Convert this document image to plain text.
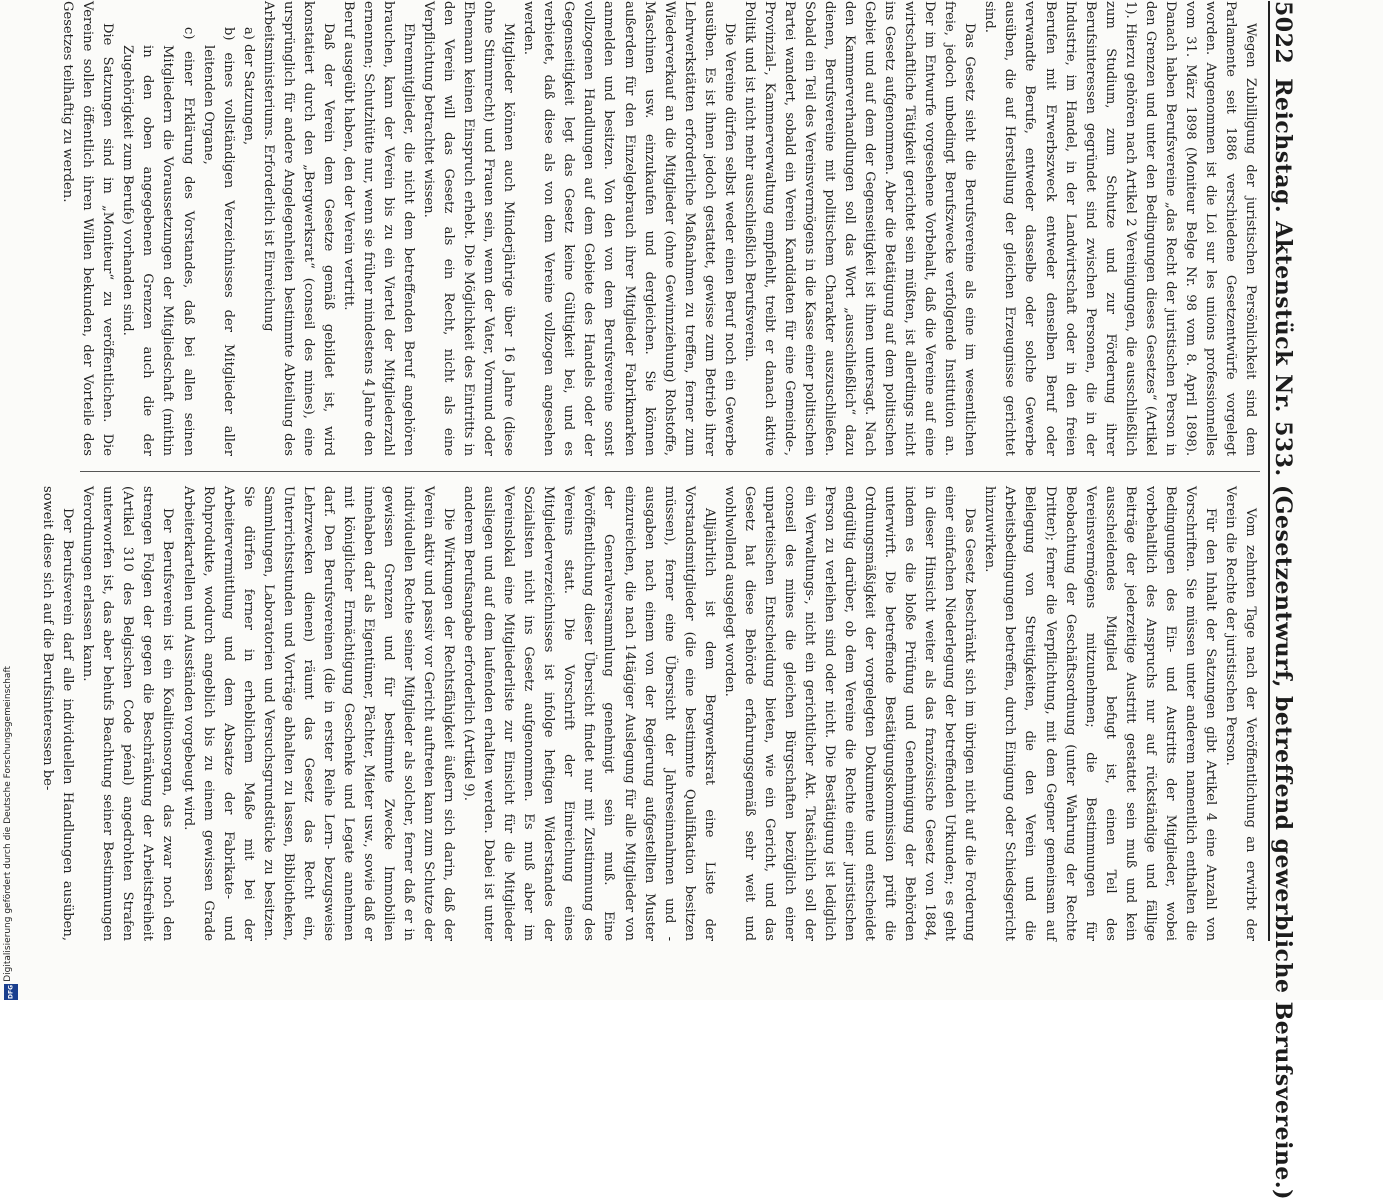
5022
Reichstag. Aktenstück Nr. 533. (Gesetzentwurf, betreffend gewerbliche Berufsvereine.)

Wegen Zubilligung der juristischen Persönlichkeit sind dem Parlamente seit 1886 verschiedene Gesetzentwürfe vorgelegt worden. Angenommen ist die Loi sur les unions professionnelles vom 31. März 1898 (Moniteur Belge Nr. 98 vom 8. April 1898). Danach haben Berufsvereine „das Recht der juristischen Person in den Grenzen und unter den Bedingungen dieses Gesetzes“ (Artikel 1). Hierzu gehören nach Artikel 2 Vereinigungen, die ausschließlich zum Studium, zum Schutze und zur Förderung ihrer Berufsinteressen gegründet sind zwischen Personen, die in der Industrie, im Handel, in der Landwirtschaft oder in den freien Berufen mit Erwerbszweck entweder denselben Beruf oder verwandte Berufe, entweder dasselbe oder solche Gewerbe ausüben, die auf Herstellung der gleichen Erzeugnisse gerichtet sind.

Das Gesetz sieht die Berufsvereine als eine im wesentlichen freie, jedoch unbedingt Berufszwecke verfolgende Institution an. Der im Entwurfe vorgesehene Vorbehalt, daß die Vereine auf eine wirtschaftliche Tätigkeit gerichtet sein müßten, ist allerdings nicht ins Gesetz aufgenommen. Aber die Betätigung auf dem politischen Gebiet und auf dem der Gegenseitigkeit ist ihnen untersagt. Nach den Kammerverhandlungen soll das Wort „ausschließlich“ dazu dienen, Berufsvereine mit politischem Charakter auszuschließen. Sobald ein Teil des Vereinsvermögens in die Kasse einer politischen Partei wandert, sobald ein Verein Kandidaten für eine Gemeinde-, Provinzial-, Kammerverwaltung empfiehlt, treibt er danach aktive Politik und ist nicht mehr ausschließlich Berufsverein.

Die Vereine dürfen selbst weder einen Beruf noch ein Gewerbe ausüben. Es ist ihnen jedoch gestattet, gewisse zum Betrieb ihrer Lehrwerkstätten erforderliche Maßnahmen zu treffen, ferner zum Wiederverkauf an die Mitglieder (ohne Gewinnziehung) Rohstoffe, Maschinen usw. einzukaufen und dergleichen. Sie können außerdem für den Einzelgebrauch ihrer Mitglieder Fabrikmarken anmelden und besitzen. Von den von dem Berufsvereine sonst vollzogenen Handlungen auf dem Gebiete des Handels oder der Gegenseitigkeit legt das Gesetz keine Gültigkeit bei, und es verbietet, daß diese als von dem Vereine vollzogen angesehen werden.

Mitglieder können auch Minderjährige über 16 Jahre (diese ohne Stimmrecht) und Frauen sein, wenn der Vater, Vormund oder Ehemann keinen Einspruch erhebt. Die Möglichkeit des Eintritts in den Verein will das Gesetz als ein Recht, nicht als eine Verpflichtung betrachtet wissen.

Ehrenmitglieder, die nicht dem betreffenden Beruf angehören brauchen, kann der Verein bis zu ein Viertel der Mitgliederzahl ernennen; Schutzhütte nur, wenn sie früher mindestens 4 Jahre den Beruf ausgeübt haben, den der Verein vertritt.

Daß der Verein dem Gesetze gemäß gebildet ist, wird konstatiert durch den „Bergwerksrat“ (conseil des mines), eine ursprünglich für andere Angelegenheiten bestimmte Abteilung des Arbeitsministeriums. Erforderlich ist Einreichung

a) der Satzungen,

b) eines vollständigen Verzeichnisses der Mitglieder aller leitenden Organe,

c) einer Erklärung des Vorstandes, daß bei allen seinen Mitgliedern die Voraussetzungen der Mitgliedschaft (mithin in den oben angegebenen Grenzen auch die der Zugehörigkeit zum Berufe) vorhanden sind.

Die Satzungen sind im „Moniteur“ zu veröffentlichen. Die Vereine sollen öffentlich ihren Willen bekunden, der Vorteile des Gesetzes teilhaftig zu werden.

Vom zehnten Tage nach der Veröffentlichung an erwirbt der Verein die Rechte der juristischen Person.

Für den Inhalt der Satzungen gibt Artikel 4 eine Anzahl von Vorschriften. Sie müssen unter anderem namentlich enthalten die Bedingungen des Ein- und Austritts der Mitglieder, wobei vorbehaltlich des Anspruchs nur auf rückständige und fällige Beiträge der jederzeitige Austritt gestattet sein muß und kein ausscheidendes Mitglied befugt ist, einen Teil des Vereinsvermögens mitzunehmen; die Bestimmungen für Beobachtung der Geschäftsordnung (unter Wahrung der Rechte Dritter); ferner die Verpflichtung, mit dem Gegner gemeinsam auf Beilegung von Streitigkeiten, die den Verein und die Arbeitsbedingungen betreffen, durch Einigung oder Schiedsgericht hinzuwirken.

Das Gesetz beschränkt sich im übrigen nicht auf die Forderung einer einfachen Niederlegung der betreffenden Urkunden; es geht in dieser Hinsicht weiter als das französische Gesetz von 1884, indem es die bloße Prüfung und Genehmigung der Behörden unterwirft. Die betreffende Bestätigungskommission prüft die Ordnungsmäßigkeit der vorgelegten Dokumente und entscheidet endgültig darüber, ob dem Vereine die Rechte einer juristischen Person zu verleihen sind oder nicht. Die Bestätigung ist lediglich ein Verwaltungs-, nicht ein gerichtlicher Akt. Tatsächlich soll der conseil des mines die gleichen Bürgschaften bezüglich einer unparteiischen Entscheidung bieten, wie ein Gericht, und das Gesetz hat diese Behörde erfahrungsgemäß sehr weit und wohlwollend ausgelegt worden.

Alljährlich ist dem Bergwerksrat eine Liste der Vorstandsmitglieder (die eine bestimmte Qualifikation besitzen müssen), ferner eine Übersicht der Jahreseinnahmen und -ausgaben nach einem von der Regierung aufgestellten Muster einzureichen, die nach 14tägiger Auslegung für alle Mitglieder von der Generalversammlung genehmigt sein muß. Eine Veröffentlichung dieser Übersicht findet nur mit Zustimmung des Vereins statt. Die Vorschrift der Einreichung eines Mitgliederverzeichnisses ist infolge heftigen Widerstandes der Sozialisten nicht ins Gesetz aufgenommen. Es muß aber im Vereinslokal eine Mitgliederliste zur Einsicht für die Mitglieder ausliegen und auf dem laufenden erhalten werden. Dabei ist unter anderem Berufsangabe erforderlich (Artikel 9).

Die Wirkungen der Rechtsfähigkeit äußern sich darin, daß der Verein aktiv und passiv vor Gericht auftreten kann zum Schutze der individuellen Rechte seiner Mitglieder als solcher, ferner daß er in gewissen Grenzen und für bestimmte Zwecke Immobilien innehaben darf als Eigentümer, Pächter, Mieter usw., sowie daß er mit königlicher Ermächtigung Geschenke und Legate annehmen darf. Den Berufsvereinen (die in erster Reihe Lern- bezugsweise Lehrzwecken dienen) räumt das Gesetz das Recht ein, Unterrichtsstunden und Vorträge abhalten zu lassen, Bibliotheken, Sammlungen, Laboratorien und Versuchsgrundstücke zu besitzen. Sie dürfen ferner in erheblichem Maße mit bei der Arbeitervermittlung und dem Absatze der Fabrikate- und Rohprodukte, wodurch angeblich bis zu einem gewissen Grade Arbeiterkartellen und Ausständen vorgebeugt wird.

Der Berufsverein ist ein Koalitionsorgan, das zwar noch den strengen Folgen der gegen die Beschränkung der Arbeitsfreiheit (Artikel 310 des Belgischen Code pénal) angedrohten Strafen unterworfen ist, das aber behufs Beachtung seiner Bestimmungen Verordnungen erlassen kann.

Der Berufsverein darf alle individuellen Handlungen ausüben, soweit diese sich auf die Berufsinteressen be-

Digitalisierung gefördert durch die Deutsche Forschungsgemeinschaft
DFG
